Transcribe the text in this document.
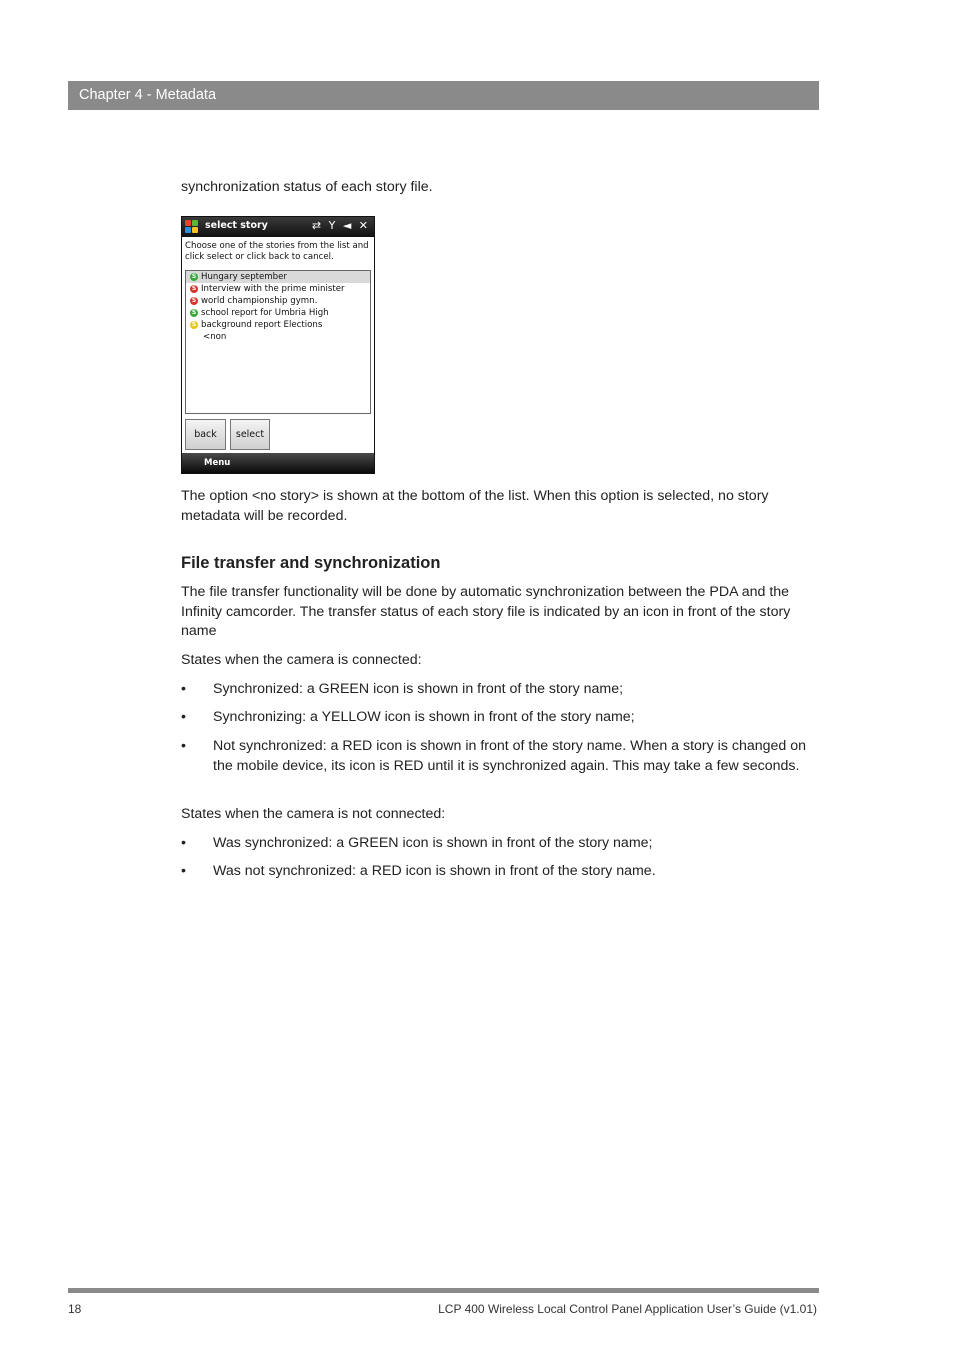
Chapter 4 - Metadata

synchronization status of each story file.

select story	⇄ Y ◄ ✕

Choose one of the stories from the list and click select or click back to cancel.

S Hungary september
S Interview with the prime minister
S world championship gymn.
S school report for Umbria High
S background report Elections
<non
back	select
Menu

The option <no story> is shown at the bottom of the list. When this option is selected, no story metadata will be recorded.

File transfer and synchronization

The file transfer functionality will be done by automatic synchronization between the PDA and the Infinity camcorder. The transfer status of each story file is indicated by an icon in front of the story name

States when the camera is connected:

• Synchronized: a GREEN icon is shown in front of the story name;
• Synchronizing: a YELLOW icon is shown in front of the story name;
• Not synchronized: a RED icon is shown in front of the story name. When a story is changed on the mobile device, its icon is RED until it is synchronized again. This may take a few seconds.

States when the camera is not connected:

• Was synchronized: a GREEN icon is shown in front of the story name;
• Was not synchronized: a RED icon is shown in front of the story name.
18	LCP 400 Wireless Local Control Panel Application User’s Guide (v1.01)
